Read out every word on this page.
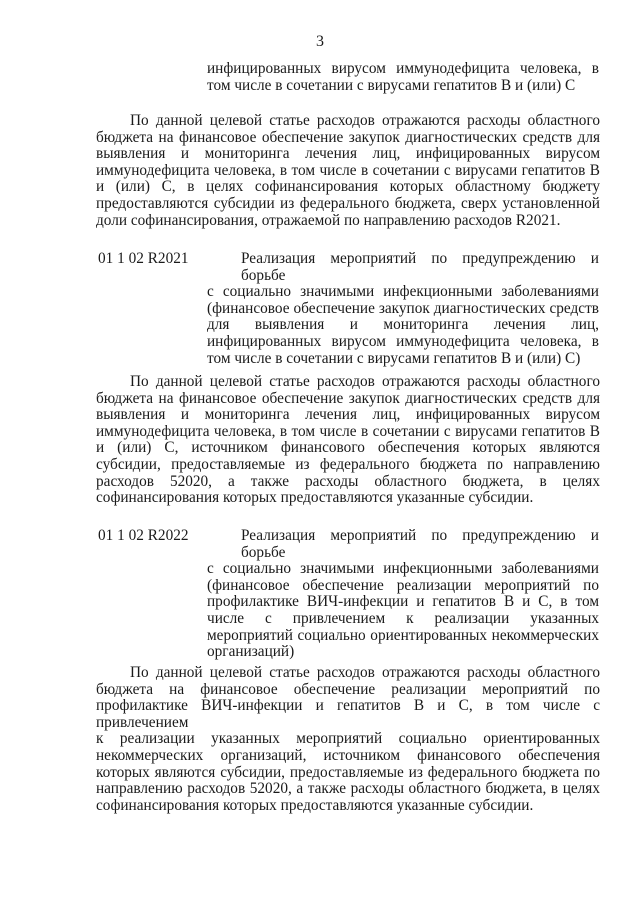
3
инфицированных вирусом иммунодефицита человека, в
том числе в сочетании с вирусами гепатитов В и (или) С
По данной целевой статье расходов отражаются расходы областного
бюджета на финансовое обеспечение закупок диагностических средств для
выявления и мониторинга лечения лиц, инфицированных вирусом
иммунодефицита человека, в том числе в сочетании с вирусами гепатитов В
и (или) С, в целях софинансирования которых областному бюджету
предоставляются субсидии из федерального бюджета, сверх установленной
доли софинансирования, отражаемой по направлению расходов R2021.
01 1 02 R2021	Реализация мероприятий по предупреждению и борьбе
с социально значимыми инфекционными заболеваниями
(финансовое обеспечение закупок диагностических средств
для выявления и мониторинга лечения лиц,
инфицированных вирусом иммунодефицита человека, в
том числе в сочетании с вирусами гепатитов В и (или) С)
По данной целевой статье расходов отражаются расходы областного
бюджета на финансовое обеспечение закупок диагностических средств для
выявления и мониторинга лечения лиц, инфицированных вирусом
иммунодефицита человека, в том числе в сочетании с вирусами гепатитов В
и (или) С, источником финансового обеспечения которых являются
субсидии, предоставляемые из федерального бюджета по направлению
расходов 52020, а также расходы областного бюджета, в целях
софинансирования которых предоставляются указанные субсидии.
01 1 02 R2022	Реализация мероприятий по предупреждению и борьбе
с социально значимыми инфекционными заболеваниями
(финансовое обеспечение реализации мероприятий по
профилактике ВИЧ-инфекции и гепатитов В и С, в том
числе с привлечением к реализации указанных
мероприятий социально ориентированных некоммерческих
организаций)
По данной целевой статье расходов отражаются расходы областного
бюджета на финансовое обеспечение реализации мероприятий по
профилактике ВИЧ-инфекции и гепатитов В и С, в том числе с привлечением
к реализации указанных мероприятий социально ориентированных
некоммерческих организаций, источником финансового обеспечения
которых являются субсидии, предоставляемые из федерального бюджета по
направлению расходов 52020, а также расходы областного бюджета, в целях
софинансирования которых предоставляются указанные субсидии.
